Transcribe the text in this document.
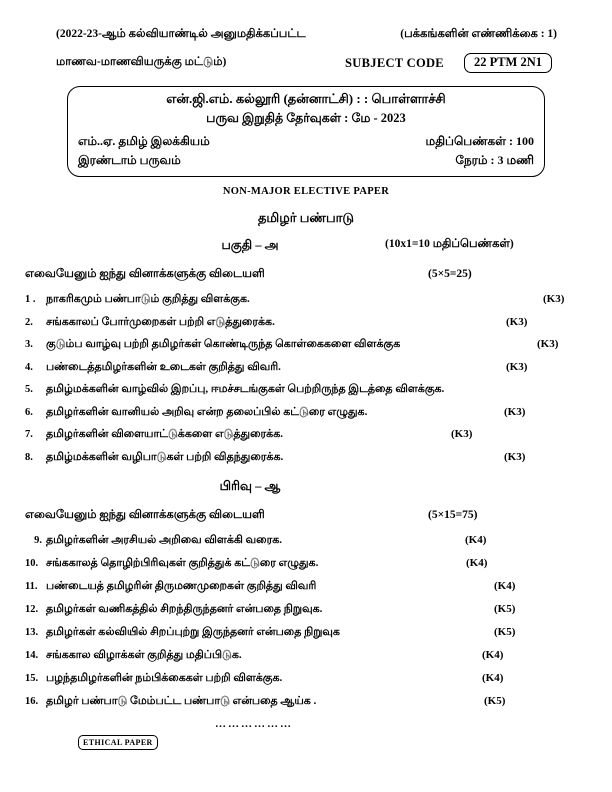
(2022-23-ஆம் கல்வியாண்டில் அனுமதிக்கப்பட்ட	(பக்கங்களின் எண்ணிக்கை : 1)
மாணவ-மாணவியருக்கு மட்டும்)	SUBJECT CODE	22 PTM 2N1
என்.ஜி.எம். கல்லூரி (தன்னாட்சி) : : பொள்ளாச்சி
பருவ இறுதித் தேர்வுகள் : மே - 2023
எம்..ஏ. தமிழ் இலக்கியம்	மதிப்பெண்கள் : 100
இரண்டாம் பருவம்	நேரம் : 3 மணி
NON-MAJOR ELECTIVE PAPER
தமிழர் பண்பாடு
பகுதி – அ	(10x1=10 மதிப்பெண்கள்)
எவையேனும் ஐந்து வினாக்களுக்கு விடையளி	(5×5=25)
1 . நாகரிகமும் பண்பாடும் குறித்து விளக்குக.	(K3)
2. சங்ககாலப் போர்முறைகள் பற்றி எடுத்துரைக்க.	(K3)
3. குடும்ப வாழ்வு பற்றி தமிழர்கள் கொண்டிருந்த கொள்கைகளை விளக்குக	(K3)
4. பண்டைத்தமிழர்களின் உடைகள் குறித்து விவரி.	(K3)
5. தமிழ்மக்களின் வாழ்வில் இறப்பு, ஈமச்சடங்குகள் பெற்றிருந்த இடத்தை விளக்குக.
6. தமிழர்களின் வானியல் அறிவு என்ற தலைப்பில் கட்டுரை எழுதுக.	(K3)
7. தமிழர்களின் விளையாட்டுக்களை எடுத்துரைக்க.	(K3)
8. தமிழ்மக்களின் வழிபாடுகள் பற்றி விதந்துரைக்க.	(K3)
பிரிவு – ஆ
எவையேனும் ஐந்து வினாக்களுக்கு விடையளி	(5×15=75)
9. தமிழர்களின் அரசியல் அறிவை விளக்கி வரைக.	(K4)
10. சங்ககாலத் தொழிற்பிரிவுகள் குறித்துக் கட்டுரை எழுதுக.	(K4)
11. பண்டையத் தமிழரின் திருமணமுறைகள் குறித்து விவரி	(K4)
12. தமிழர்கள் வணிகத்தில் சிறந்திருந்தனர் என்பதை நிறுவுக.	(K5)
13. தமிழர்கள் கல்வியில் சிறப்புற்று இருந்தனர் என்பதை நிறுவுக	(K5)
14. சங்ககால விழாக்கள் குறித்து மதிப்பிடுக.	(K4)
15. பழந்தமிழர்களின் நம்பிக்கைகள் பற்றி விளக்குக.	(K4)
16. தமிழர் பண்பாடு மேம்பட்ட பண்பாடு என்பதை ஆய்க .	(K5)
………………
ETHICAL PAPER
